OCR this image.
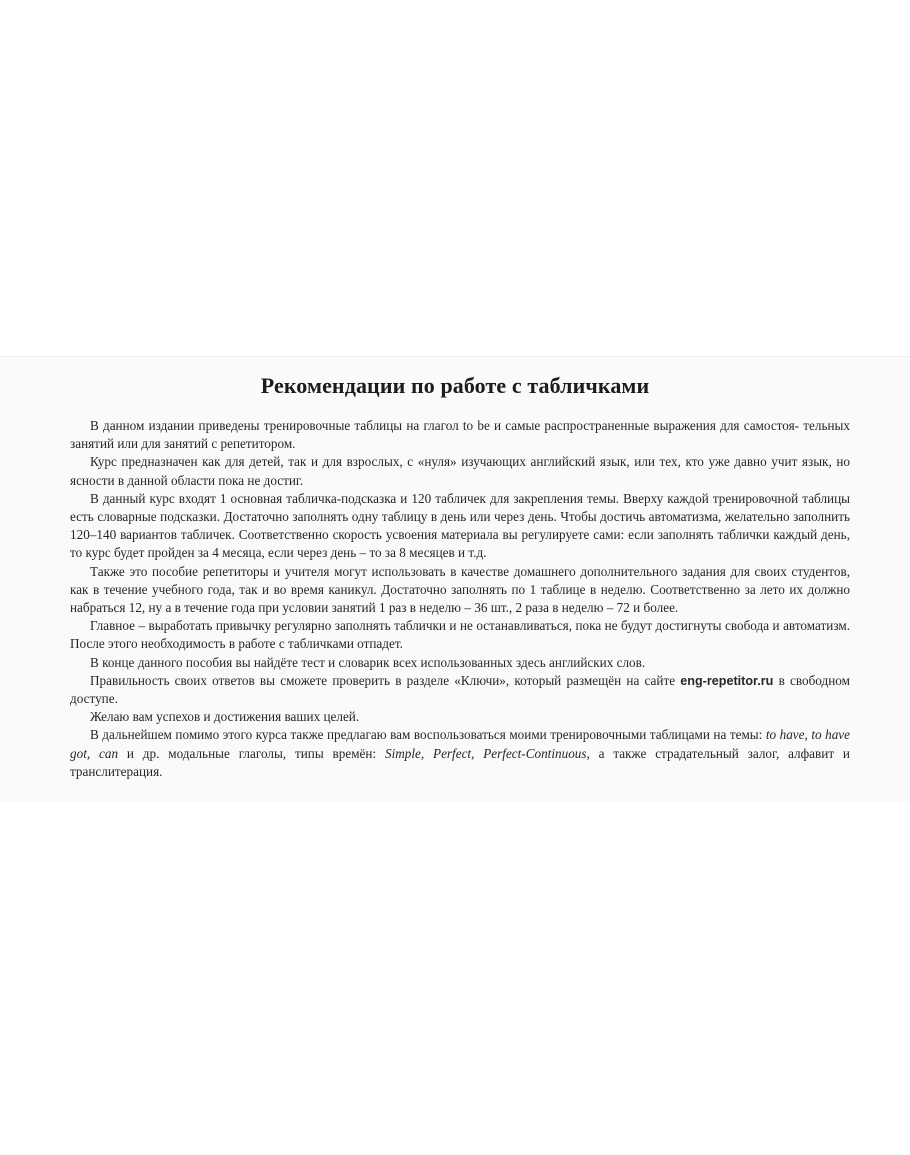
Рекомендации по работе с табличками

В данном издании приведены тренировочные таблицы на глагол to be и самые распространенные выражения для самостоя- тельных занятий или для занятий с репетитором.

Курс предназначен как для детей, так и для взрослых, с «нуля» изучающих английский язык, или тех, кто уже давно учит язык, но ясности в данной области пока не достиг.

В данный курс входят 1 основная табличка-подсказка и 120 табличек для закрепления темы. Вверху каждой тренировочной таблицы есть словарные подсказки. Достаточно заполнять одну таблицу в день или через день. Чтобы достичь автоматизма, желательно заполнить 120–140 вариантов табличек. Соответственно скорость усвоения материала вы регулируете сами: если заполнять таблички каждый день, то курс будет пройден за 4 месяца, если через день – то за 8 месяцев и т.д.

Также это пособие репетиторы и учителя могут использовать в качестве домашнего дополнительного задания для своих студентов, как в течение учебного года, так и во время каникул. Достаточно заполнять по 1 таблице в неделю. Соответственно за лето их должно набраться 12, ну а в течение года при условии занятий 1 раз в неделю – 36 шт., 2 раза в неделю – 72 и более.

Главное – выработать привычку регулярно заполнять таблички и не останавливаться, пока не будут достигнуты свобода и автоматизм. После этого необходимость в работе с табличками отпадет.

В конце данного пособия вы найдёте тест и словарик всех использованных здесь английских слов.

Правильность своих ответов вы сможете проверить в разделе «Ключи», который размещён на сайте eng-repetitor.ru в свободном доступе.

Желаю вам успехов и достижения ваших целей.

В дальнейшем помимо этого курса также предлагаю вам воспользоваться моими тренировочными таблицами на темы: to have, to have got, can и др. модальные глаголы, типы времён: Simple, Perfect, Perfect-Continuous, а также страдательный залог, алфавит и транслитерация.
